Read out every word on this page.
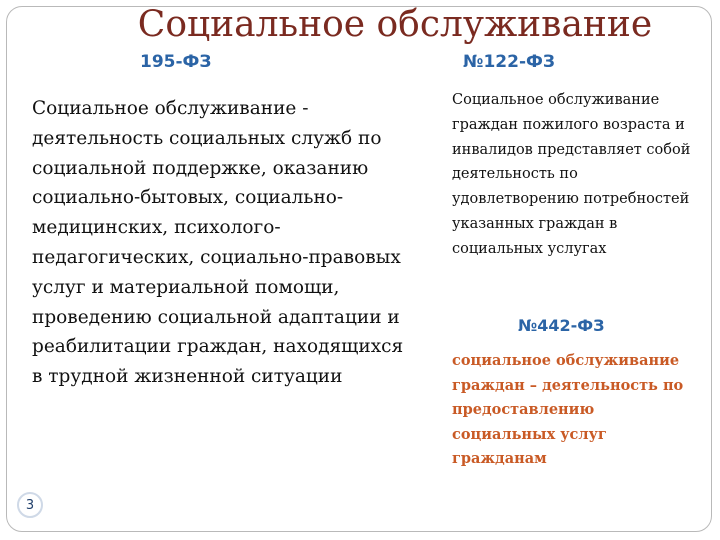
Социальное обслуживание
195-ФЗ
Социальное обслуживание - деятельность социальных служб по социальной поддержке, оказанию социально-бытовых, социально-медицинских, психолого-педагогических, социально-правовых услуг и материальной помощи, проведению социальной адаптации и реабилитации граждан, находящихся в трудной жизненной ситуации
№122-ФЗ
Социальное обслуживание граждан пожилого возраста и инвалидов представляет собой деятельность по удовлетворению потребностей указанных граждан в социальных услугах
№442-ФЗ
социальное обслуживание граждан – деятельность по предоставлению социальных услуг гражданам
3
